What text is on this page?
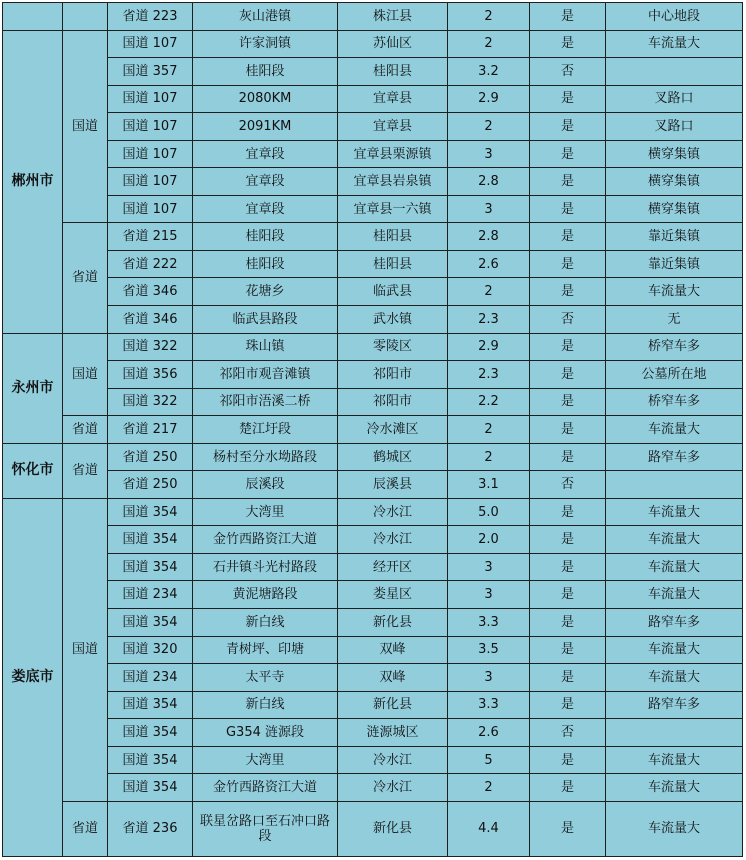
		省道 223	灰山港镇	株江县	2	是	中心地段
郴州市	国道	国道 107	许家洞镇	苏仙区	2	是	车流量大
		国道 357	桂阳段	桂阳县	3.2	否	
		国道 107	2080KM	宜章县	2.9	是	叉路口
		国道 107	2091KM	宜章县	2	是	叉路口
		国道 107	宜章段	宜章县栗源镇	3	是	横穿集镇
		国道 107	宜章段	宜章县岩泉镇	2.8	是	横穿集镇
		国道 107	宜章段	宜章县一六镇	3	是	横穿集镇
	省道	省道 215	桂阳段	桂阳县	2.8	是	靠近集镇
		省道 222	桂阳段	桂阳县	2.6	是	靠近集镇
		省道 346	花塘乡	临武县	2	是	车流量大
		省道 346	临武县路段	武水镇	2.3	否	无
永州市	国道	国道 322	珠山镇	零陵区	2.9	是	桥窄车多
		国道 356	祁阳市观音滩镇	祁阳市	2.3	是	公墓所在地
		国道 322	祁阳市浯溪二桥	祁阳市	2.2	是	桥窄车多
	省道	省道 217	楚江圩段	冷水滩区	2	是	车流量大
怀化市	省道	省道 250	杨村至分水坳路段	鹤城区	2	是	路窄车多
		省道 250	辰溪段	辰溪县	3.1	否	
娄底市	国道	国道 354	大湾里	冷水江	5.0	是	车流量大
		国道 354	金竹西路资江大道	冷水江	2.0	是	车流量大
		国道 354	石井镇斗光村路段	经开区	3	是	车流量大
		国道 234	黄泥塘路段	娄星区	3	是	车流量大
		国道 354	新白线	新化县	3.3	是	路窄车多
		国道 320	青树坪、印塘	双峰	3.5	是	车流量大
		国道 234	太平寺	双峰	3	是	车流量大
		国道 354	新白线	新化县	3.3	是	路窄车多
		国道 354	G354 涟源段	涟源城区	2.6	否	
		国道 354	大湾里	冷水江	5	是	车流量大
		国道 354	金竹西路资江大道	冷水江	2	是	车流量大
	省道	省道 236	联星岔路口至石冲口路段	新化县	4.4	是	车流量大
